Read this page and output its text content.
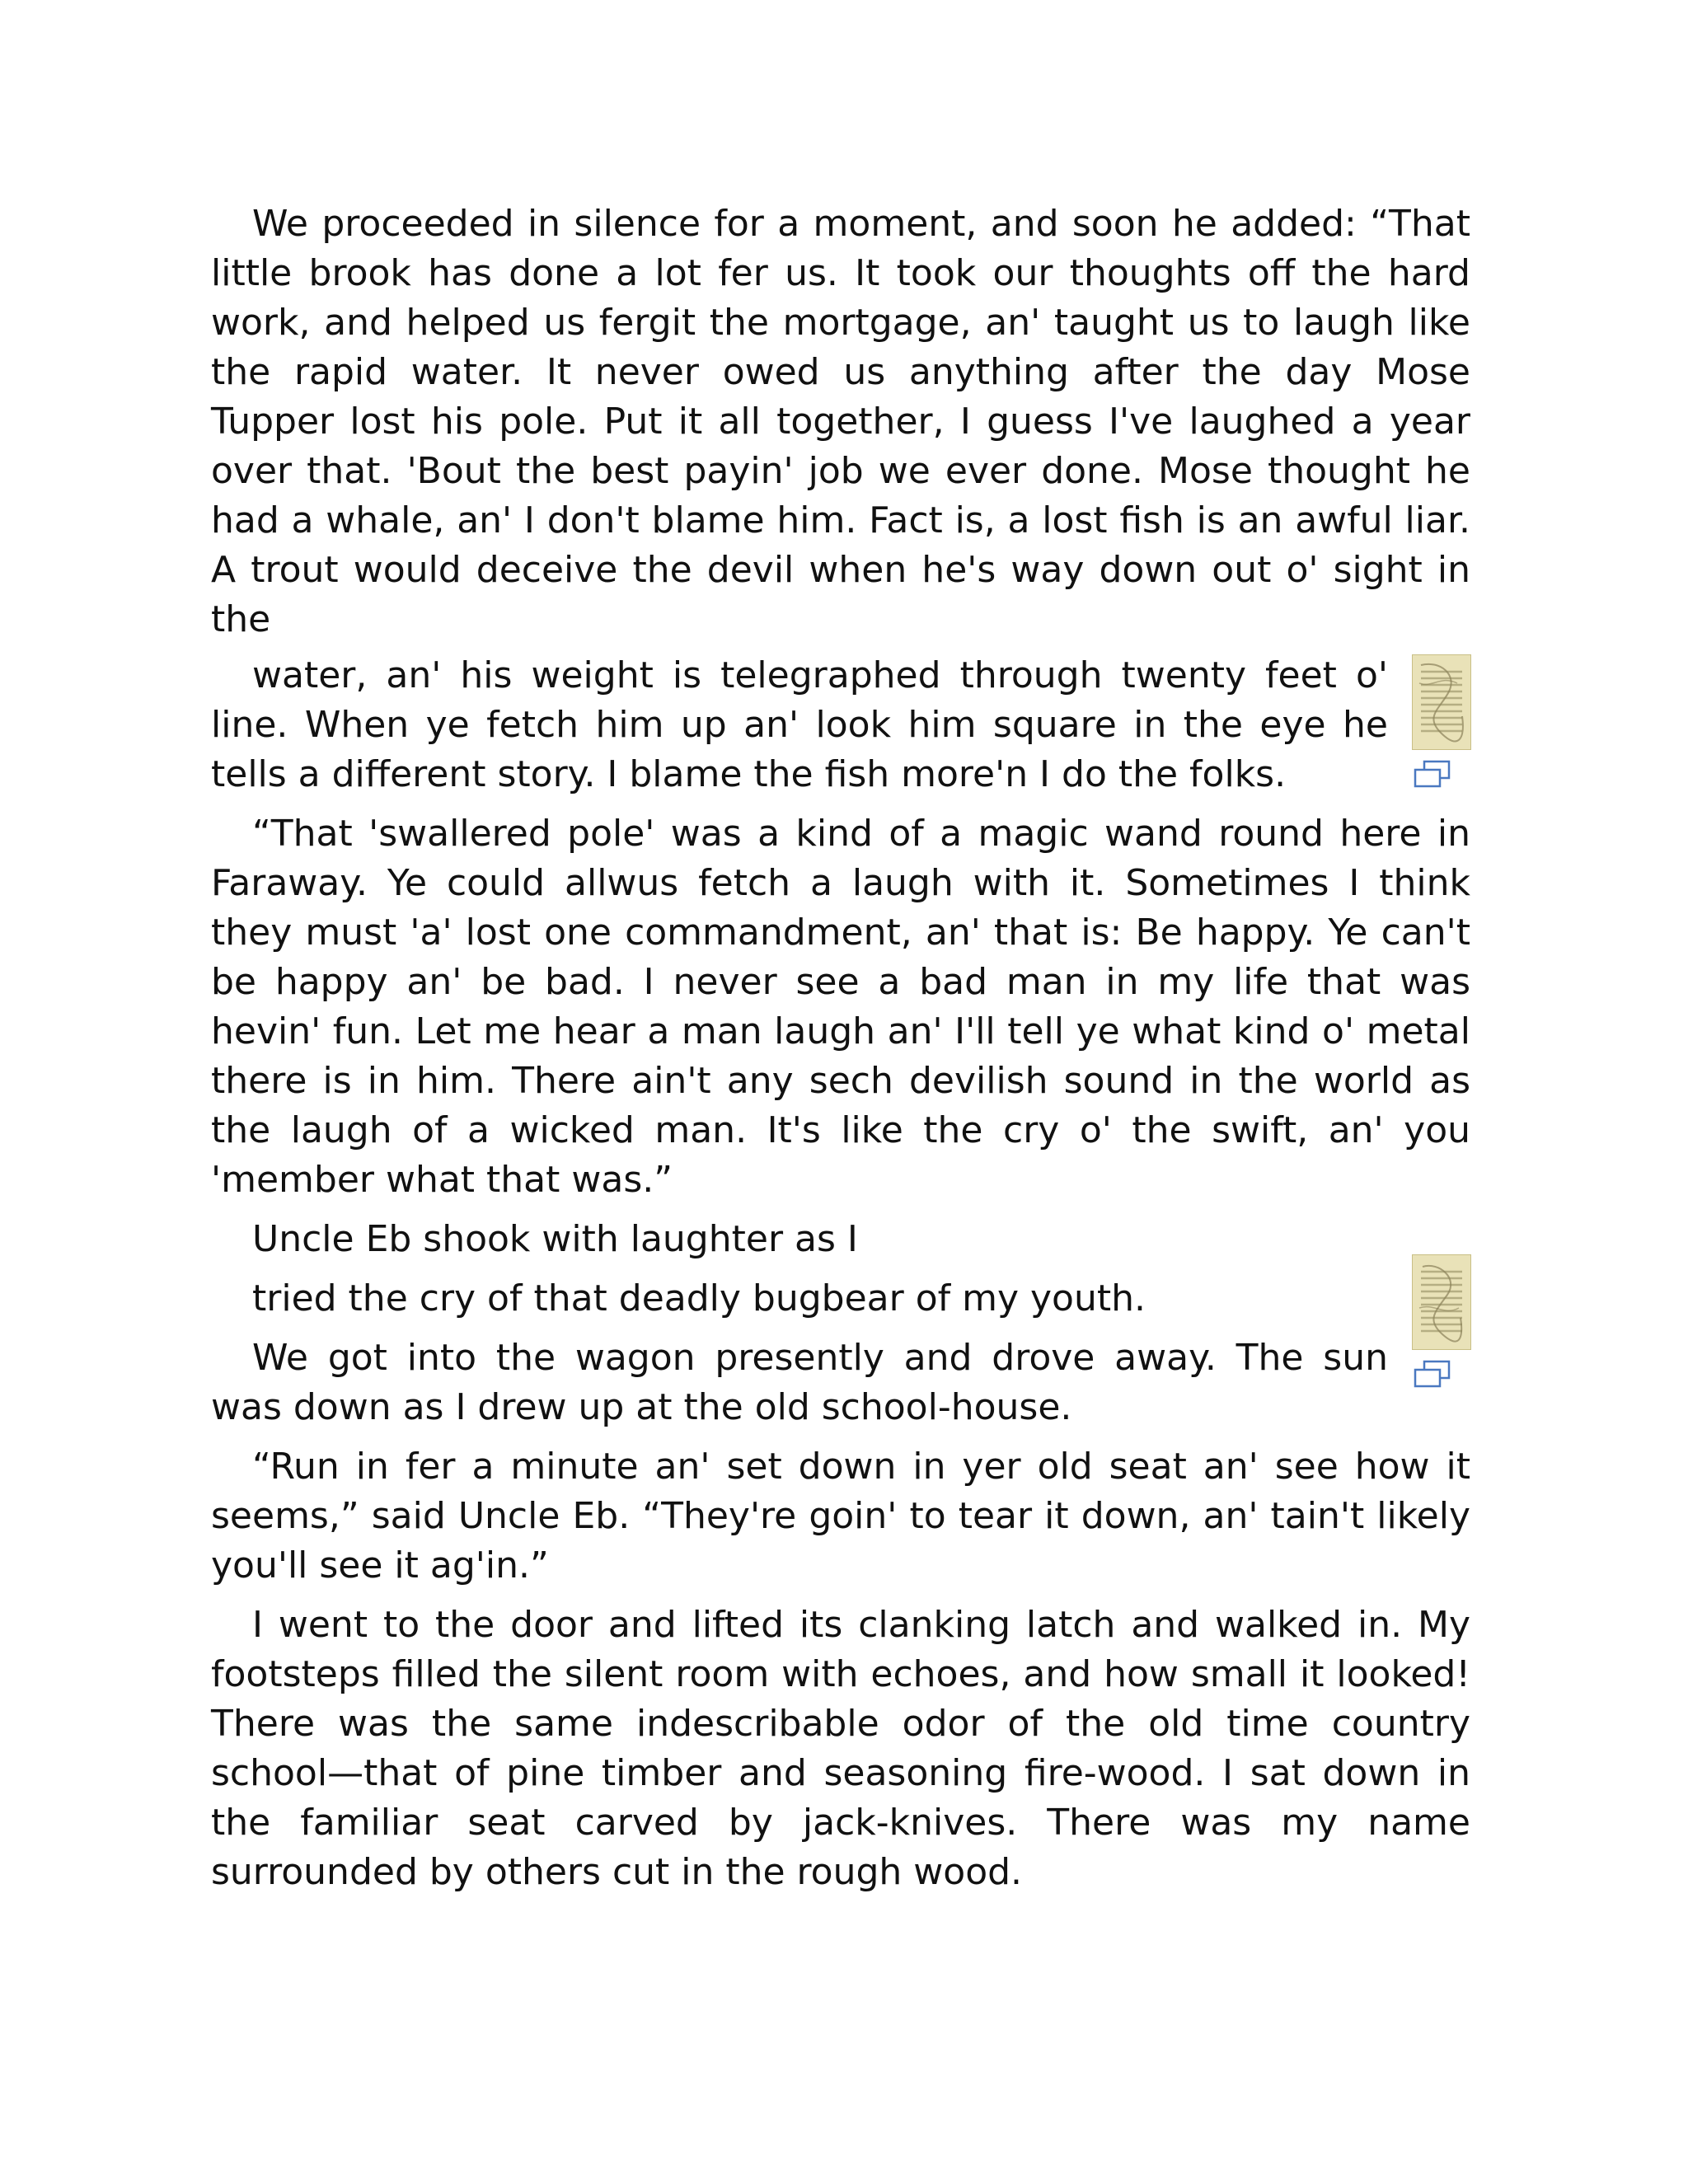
We proceeded in silence for a moment, and soon he added: “That little brook has done a lot fer us. It took our thoughts off the hard work, and helped us fergit the mortgage, an' taught us to laugh like the rapid water. It never owed us anything after the day Mose Tupper lost his pole. Put it all together, I guess I've laughed a year over that. 'Bout the best payin' job we ever done. Mose thought he had a whale, an' I don't blame him. Fact is, a lost fish is an awful liar. A trout would deceive the devil when he's way down out o' sight in the

water, an' his weight is telegraphed through twenty feet o' line. When ye fetch him up an' look him square in the eye he tells a different story. I blame the fish more'n I do the folks.

“That 'swallered pole' was a kind of a magic wand round here in Faraway. Ye could allwus fetch a laugh with it. Sometimes I think they must 'a' lost one commandment, an' that is: Be happy. Ye can't be happy an' be bad. I never see a bad man in my life that was hevin' fun. Let me hear a man laugh an' I'll tell ye what kind o' metal there is in him. There ain't any sech devilish sound in the world as the laugh of a wicked man. It's like the cry o' the swift, an' you 'member what that was.”

Uncle Eb shook with laughter as I

tried the cry of that deadly bugbear of my youth.

We got into the wagon presently and drove away. The sun was down as I drew up at the old school-house.

“Run in fer a minute an' set down in yer old seat an' see how it seems,” said Uncle Eb. “They're goin' to tear it down, an' tain't likely you'll see it ag'in.”

I went to the door and lifted its clanking latch and walked in. My footsteps filled the silent room with echoes, and how small it looked! There was the same indescribable odor of the old time country school—that of pine timber and seasoning fire-wood. I sat down in the familiar seat carved by jack-knives. There was my name surrounded by others cut in the rough wood.
